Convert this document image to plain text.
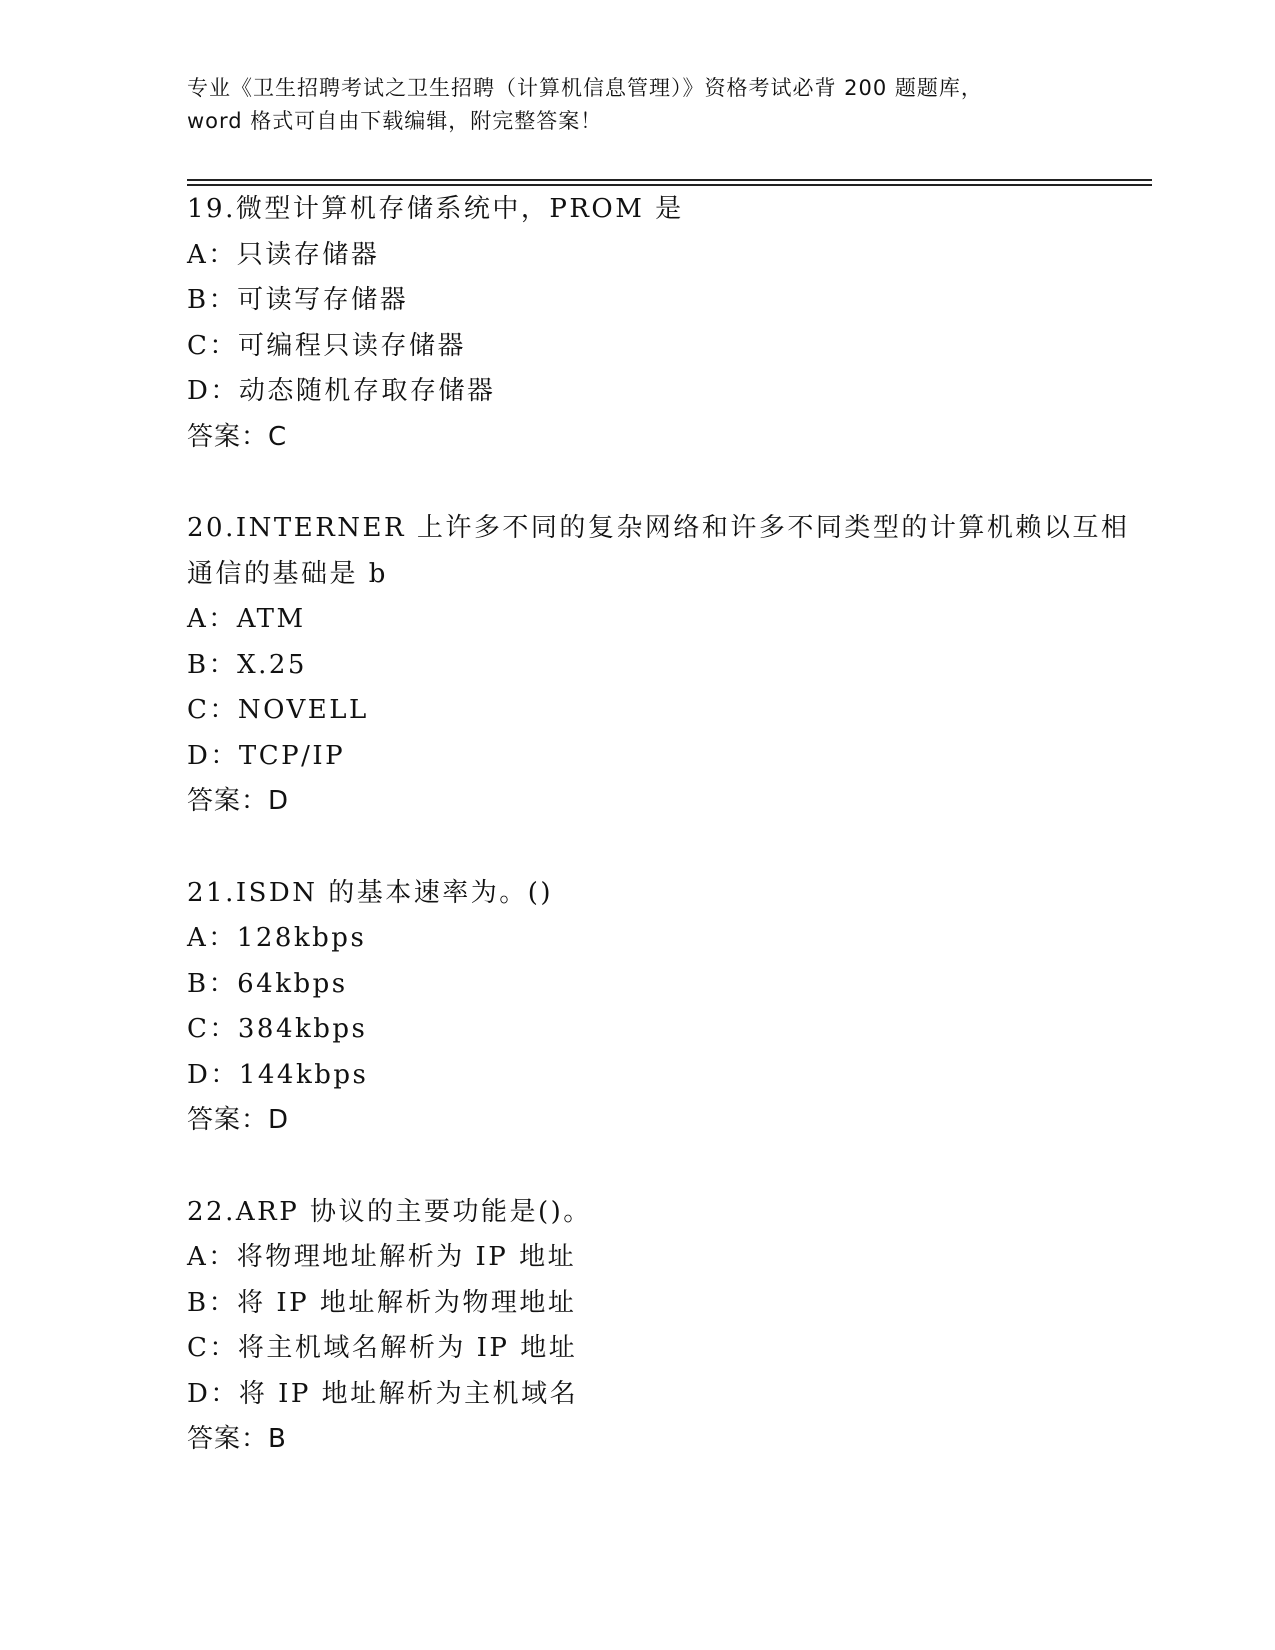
专业《卫生招聘考试之卫生招聘（计算机信息管理）》资格考试必背 200 题题库，
word 格式可自由下载编辑，附完整答案！
19.微型计算机存储系统中，PROM 是
A：只读存储器
B：可读写存储器
C：可编程只读存储器
D：动态随机存取存储器
答案：C
20.INTERNER 上许多不同的复杂网络和许多不同类型的计算机赖以互相
通信的基础是 b
A：ATM
B：X.25
C：NOVELL
D：TCP/IP
答案：D
21.ISDN 的基本速率为。()
A：128kbps
B：64kbps
C：384kbps
D：144kbps
答案：D
22.ARP 协议的主要功能是()。
A：将物理地址解析为 IP 地址
B：将 IP 地址解析为物理地址
C：将主机域名解析为 IP 地址
D：将 IP 地址解析为主机域名
答案：B
